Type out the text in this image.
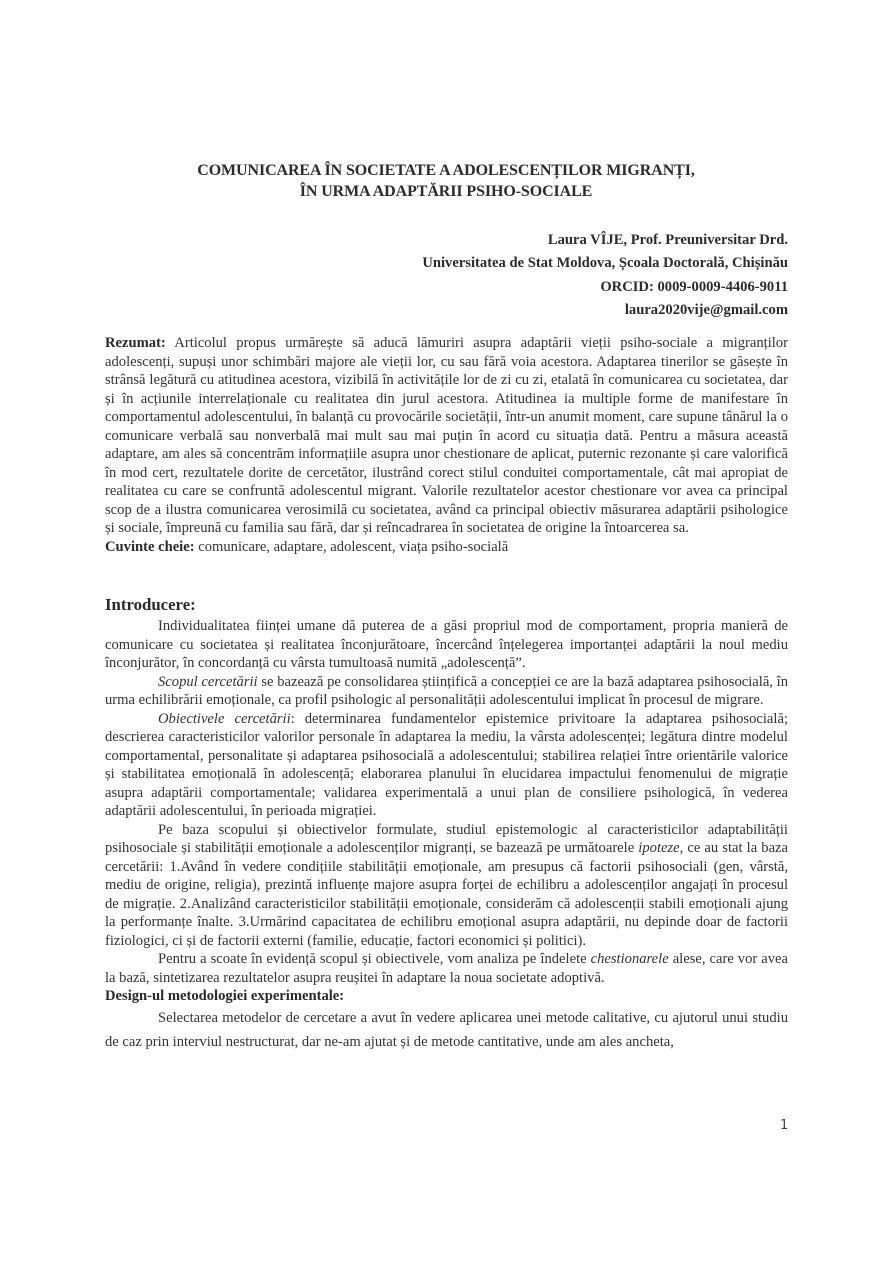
COMUNICAREA ÎN SOCIETATE A ADOLESCENȚILOR MIGRANȚI,
ÎN URMA ADAPTĂRII PSIHO-SOCIALE
Laura VÎJE, Prof. Preuniversitar Drd.
Universitatea de Stat Moldova, Școala Doctorală, Chișinău
ORCID: 0009-0009-4406-9011
laura2020vije@gmail.com

Rezumat: Articolul propus urmărește să aducă lămuriri asupra adaptării vieții psiho-sociale a migranților adolescenți, supuși unor schimbări majore ale vieții lor, cu sau fără voia acestora. Adaptarea tinerilor se găsește în strânsă legătură cu atitudinea acestora, vizibilă în activitățile lor de zi cu zi, etalată în comunicarea cu societatea, dar și în acțiunile interrelaționale cu realitatea din jurul acestora. Atitudinea ia multiple forme de manifestare în comportamentul adolescentului, în balanță cu provocările societății, într-un anumit moment, care supune tânărul la o comunicare verbală sau nonverbală mai mult sau mai puțin în acord cu situația dată. Pentru a măsura această adaptare, am ales să concentrăm informațiile asupra unor chestionare de aplicat, puternic rezonante și care valorifică în mod cert, rezultatele dorite de cercetător, ilustrând corect stilul conduitei comportamentale, cât mai apropiat de realitatea cu care se confruntă adolescentul migrant. Valorile rezultatelor acestor chestionare vor avea ca principal scop de a ilustra comunicarea verosimilă cu societatea, având ca principal obiectiv măsurarea adaptării psihologice și sociale, împreună cu familia sau fără, dar și reîncadrarea în societatea de origine la întoarcerea sa.

Cuvinte cheie: comunicare, adaptare, adolescent, viața psiho-socială

Introducere:

Individualitatea ființei umane dă puterea de a găsi propriul mod de comportament, propria manieră de comunicare cu societatea și realitatea înconjurătoare, încercând înțelegerea importanței adaptării la noul mediu înconjurător, în concordanță cu vârsta tumultoasă numită „adolescență”.

Scopul cercetării se bazează pe consolidarea științifică a concepției ce are la bază adaptarea psihosocială, în urma echilibrării emoționale, ca profil psihologic al personalității adolescentului implicat în procesul de migrare.

Obiectivele cercetării: determinarea fundamentelor epistemice privitoare la adaptarea psihosocială; descrierea caracteristicilor valorilor personale în adaptarea la mediu, la vârsta adolescenței; legătura dintre modelul comportamental, personalitate și adaptarea psihosocială a adolescentului; stabilirea relației între orientările valorice și stabilitatea emoțională în adolescență; elaborarea planului în elucidarea impactului fenomenului de migrație asupra adaptării comportamentale; validarea experimentală a unui plan de consiliere psihologică, în vederea adaptării adolescentului, în perioada migrației.

Pe baza scopului și obiectivelor formulate, studiul epistemologic al caracteristicilor adaptabilității psihosociale și stabilității emoționale a adolescenților migranți, se bazează pe următoarele ipoteze, ce au stat la baza cercetării: 1.Având în vedere condițiile stabilității emoționale, am presupus că factorii psihosociali (gen, vârstă, mediu de origine, religia), prezintă influențe majore asupra forței de echilibru a adolescenților angajați în procesul de migrație. 2.Analizând caracteristicilor stabilității emoționale, considerăm că adolescenții stabili emoționali ajung la performanțe înalte. 3.Urmărind capacitatea de echilibru emoțional asupra adaptării, nu depinde doar de factorii fiziologici, ci și de factorii externi (familie, educație, factori economici și politici).

Pentru a scoate în evidență scopul și obiectivele, vom analiza pe îndelete chestionarele alese, care vor avea la bază, sintetizarea rezultatelor asupra reușitei în adaptare la noua societate adoptivă.

Design-ul metodologiei experimentale:

Selectarea metodelor de cercetare a avut în vedere aplicarea unei metode calitative, cu ajutorul unui studiu de caz prin interviul nestructurat, dar ne-am ajutat și de metode cantitative, unde am ales ancheta,

1
